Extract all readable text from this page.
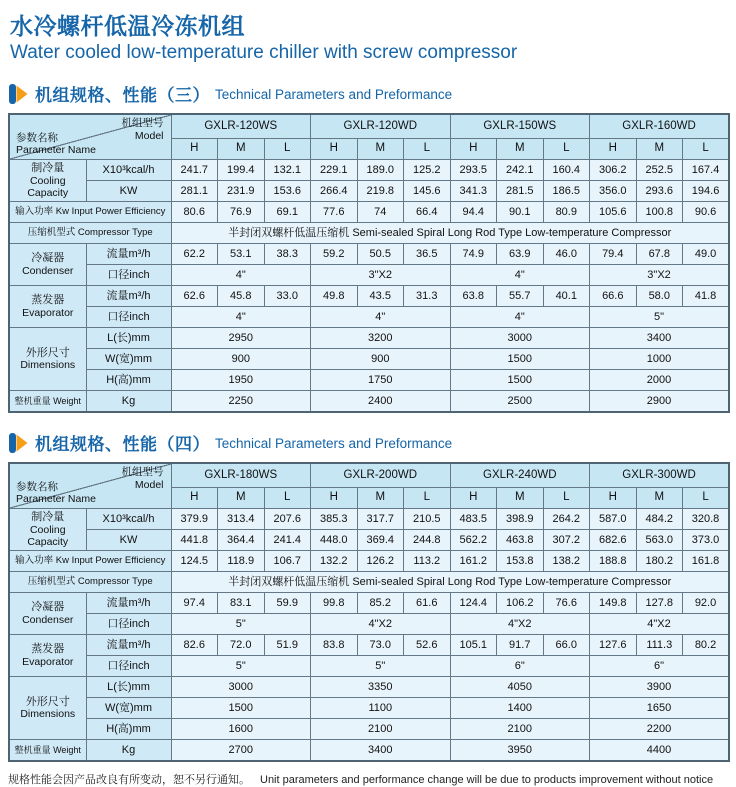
水冷螺杆低温冷冻机组
Water cooled low-temperature chiller with screw compressor
机组规格、性能（三） Technical Parameters and Preformance
机组型号
Model
参数名称
Parameter Name		GXLR-120WS			GXLR-120WD			GXLR-150WS			GXLR-160WD		
		H	M	L	H	M	L	H	M	L	H	M	L

制冷量
Cooling Capacity	X10³kcal/h	241.7	199.4	132.1	229.1	189.0	125.2	293.5	242.1	160.4	306.2	252.5	167.4
	KW	281.1	231.9	153.6	266.4	219.8	145.6	341.3	281.5	186.5	356.0	293.6	194.6
输入功率 Kw Input Power Efficiency		80.6	76.9	69.1	77.6	74	66.4	94.4	90.1	80.9	105.6	100.8	90.6
压缩机型式 Compressor Type		半封闭双螺杆低温压缩机 Semi-sealed Spiral Long Rod Type Low-temperature Compressor											

冷凝器
Condenser	流量m³/h	62.2	53.1	38.3	59.2	50.5	36.5	74.9	63.9	46.0	79.4	67.8	49.0
	口径inch	4"			3"X2			4"			3"X2		

蒸发器
Evaporator	流量m³/h	62.6	45.8	33.0	49.8	43.5	31.3	63.8	55.7	40.1	66.6	58.0	41.8
	口径inch	4"			4"			4"			5"		

外形尺寸
Dimensions	L(长)mm	2950			3200			3000			3400		
	W(宽)mm	900			900			1500			1000		
	H(高)mm	1950			1750			1500			2000		
整机重量 Weight	Kg	2250			2400			2500			2900		
机组规格、性能（四） Technical Parameters and Preformance
机组型号
Model
参数名称
Parameter Name		GXLR-180WS			GXLR-200WD			GXLR-240WD			GXLR-300WD		
		H	M	L	H	M	L	H	M	L	H	M	L

制冷量
Cooling Capacity	X10³kcal/h	379.9	313.4	207.6	385.3	317.7	210.5	483.5	398.9	264.2	587.0	484.2	320.8
	KW	441.8	364.4	241.4	448.0	369.4	244.8	562.2	463.8	307.2	682.6	563.0	373.0
输入功率 Kw Input Power Efficiency		124.5	118.9	106.7	132.2	126.2	113.2	161.2	153.8	138.2	188.8	180.2	161.8
压缩机型式 Compressor Type		半封闭双螺杆低温压缩机 Semi-sealed Spiral Long Rod Type Low-temperature Compressor											

冷凝器
Condenser	流量m³/h	97.4	83.1	59.9	99.8	85.2	61.6	124.4	106.2	76.6	149.8	127.8	92.0
	口径inch	5"			4"X2			4"X2			4"X2		

蒸发器
Evaporator	流量m³/h	82.6	72.0	51.9	83.8	73.0	52.6	105.1	91.7	66.0	127.6	111.3	80.2
	口径inch	5"			5"			6"			6"		

外形尺寸
Dimensions	L(长)mm	3000			3350			4050			3900		
	W(宽)mm	1500			1100			1400			1650		
	H(高)mm	1600			2100			2100			2200		
整机重量 Weight	Kg	2700			3400			3950			4400		

规格性能会因产品改良有所变动，恕不另行通知。 Unit parameters and performance change will be due to products improvement without notice
